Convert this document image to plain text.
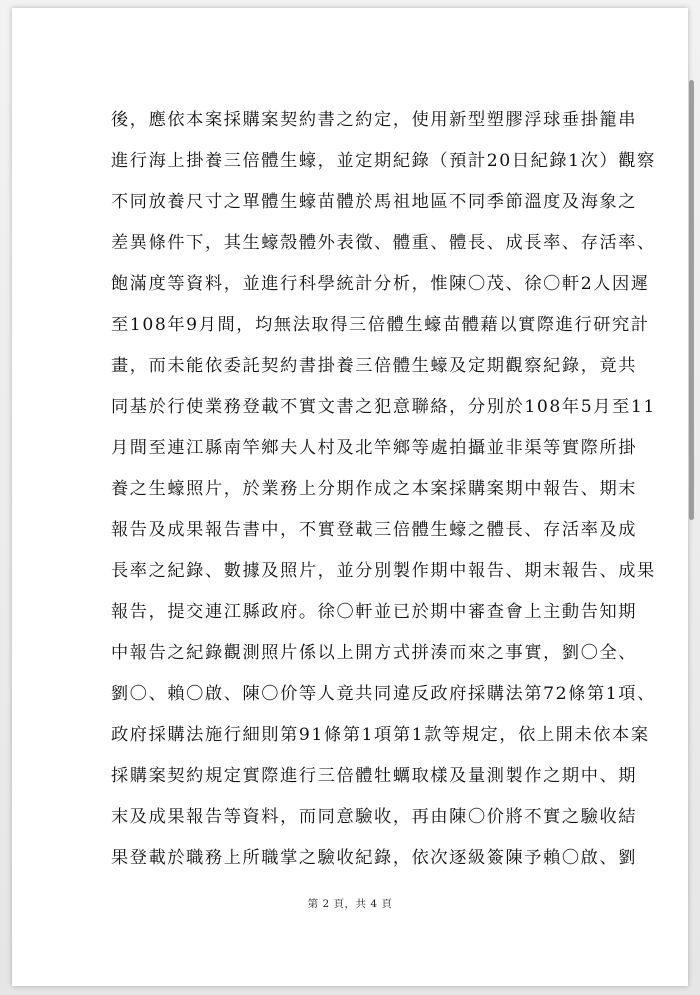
後，應依本案採購案契約書之約定，使用新型塑膠浮球垂掛籠串
進行海上掛養三倍體生蠔，並定期紀錄（預計20日紀錄1次）觀察
不同放養尺寸之單體生蠔苗體於馬祖地區不同季節溫度及海象之
差異條件下，其生蠔殼體外表徵、體重、體長、成長率、存活率、
飽滿度等資料，並進行科學統計分析，惟陳〇茂、徐〇軒2人因遲
至108年9月間，均無法取得三倍體生蠔苗體藉以實際進行研究計
畫，而未能依委託契約書掛養三倍體生蠔及定期觀察紀錄，竟共
同基於行使業務登載不實文書之犯意聯絡，分別於108年5月至11
月間至連江縣南竿鄉夫人村及北竿鄉等處拍攝並非渠等實際所掛
養之生蠔照片，於業務上分期作成之本案採購案期中報告、期末
報告及成果報告書中，不實登載三倍體生蠔之體長、存活率及成
長率之紀錄、數據及照片，並分別製作期中報告、期末報告、成果
報告，提交連江縣政府。徐〇軒並已於期中審查會上主動告知期
中報告之紀錄觀測照片係以上開方式拼湊而來之事實，劉〇全、
劉〇、賴〇啟、陳〇价等人竟共同違反政府採購法第72條第1項、
政府採購法施行細則第91條第1項第1款等規定，依上開未依本案
採購案契約規定實際進行三倍體牡蠣取樣及量測製作之期中、期
末及成果報告等資料，而同意驗收，再由陳〇价將不實之驗收結
果登載於職務上所職掌之驗收紀錄，依次逐級簽陳予賴〇啟、劉
第 2 頁，共 4 頁
